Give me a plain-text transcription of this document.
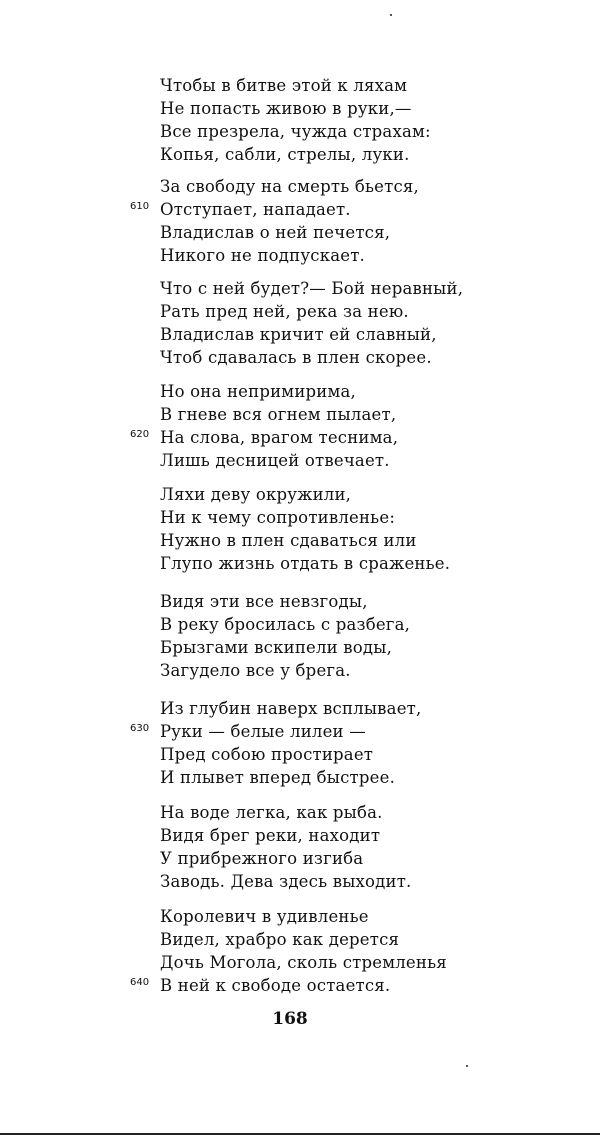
Чтобы в битве этой к ляхам
Не попасть живою в руки,—
Все презрела, чужда страхам:
Копья, сабли, стрелы, луки.
За свободу на смерть бьется,
610 Отступает, нападает.
Владислав о ней печется,
Никого не подпускает.
Что с ней будет?— Бой неравный,
Рать пред ней, река за нею.
Владислав кричит ей славный,
Чтоб сдавалась в плен скорее.
Но она непримирима,
В гневе вся огнем пылает,
620 На слова, врагом теснима,
Лишь десницей отвечает.
Ляхи деву окружили,
Ни к чему сопротивленье:
Нужно в плен сдаваться или
Глупо жизнь отдать в сраженье.
Видя эти все невзгоды,
В реку бросилась с разбега,
Брызгами вскипели воды,
Загудело все у брега.
Из глубин наверх всплывает,
630 Руки — белые лилеи —
Пред собою простирает
И плывет вперед быстрее.
На воде легка, как рыба.
Видя брег реки, находит
У прибрежного изгиба
Заводь. Дева здесь выходит.
Королевич в удивленье
Видел, храбро как дерется
Дочь Могола, сколь стремленья
640 В ней к свободе остается.
168
